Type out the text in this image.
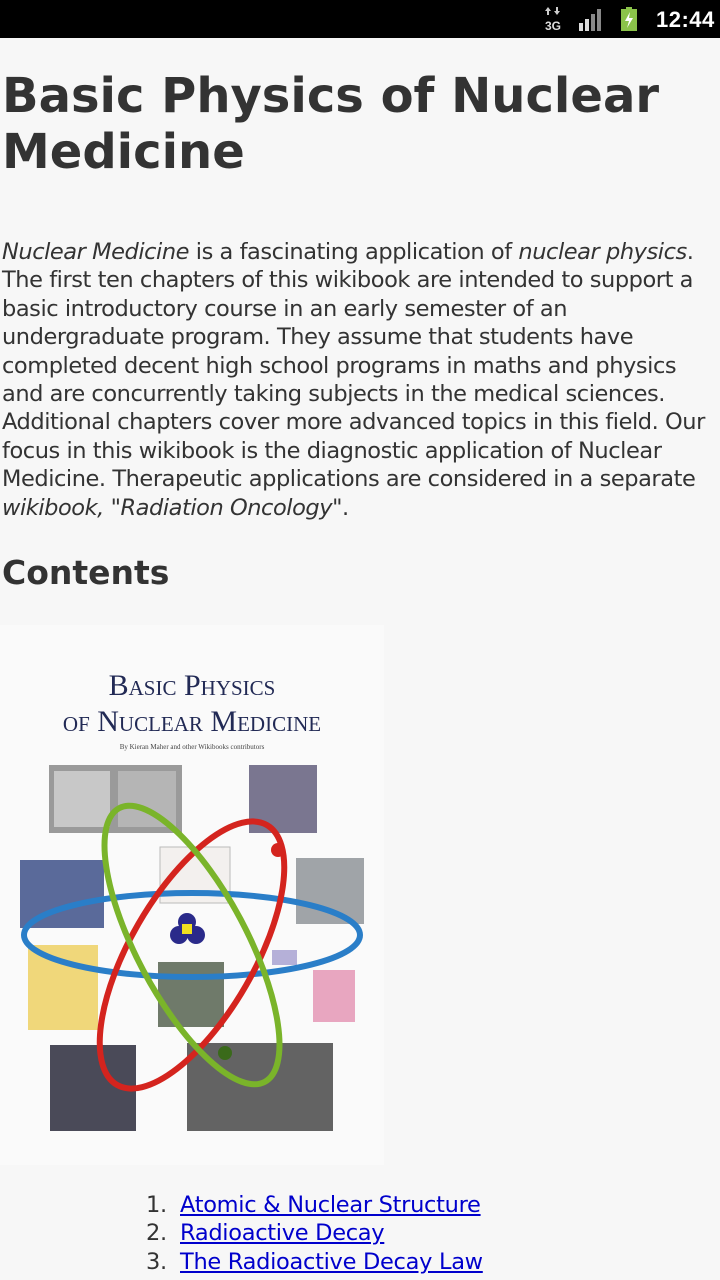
3G	12:44
Basic Physics of Nuclear Medicine

Nuclear Medicine is a fascinating application of nuclear physics. The first ten chapters of this wikibook are intended to support a basic introductory course in an early semester of an undergraduate program. They assume that students have completed decent high school programs in maths and physics and are concurrently taking subjects in the medical sciences. Additional chapters cover more advanced topics in this field. Our focus in this wikibook is the diagnostic application of Nuclear Medicine. Therapeutic applications are considered in a separate wikibook, "Radiation Oncology".

Contents
Basic Physics
of Nuclear Medicine
By Kieran Maher and other Wikibooks contributors
1. Atomic & Nuclear Structure
2. Radioactive Decay
3. The Radioactive Decay Law
